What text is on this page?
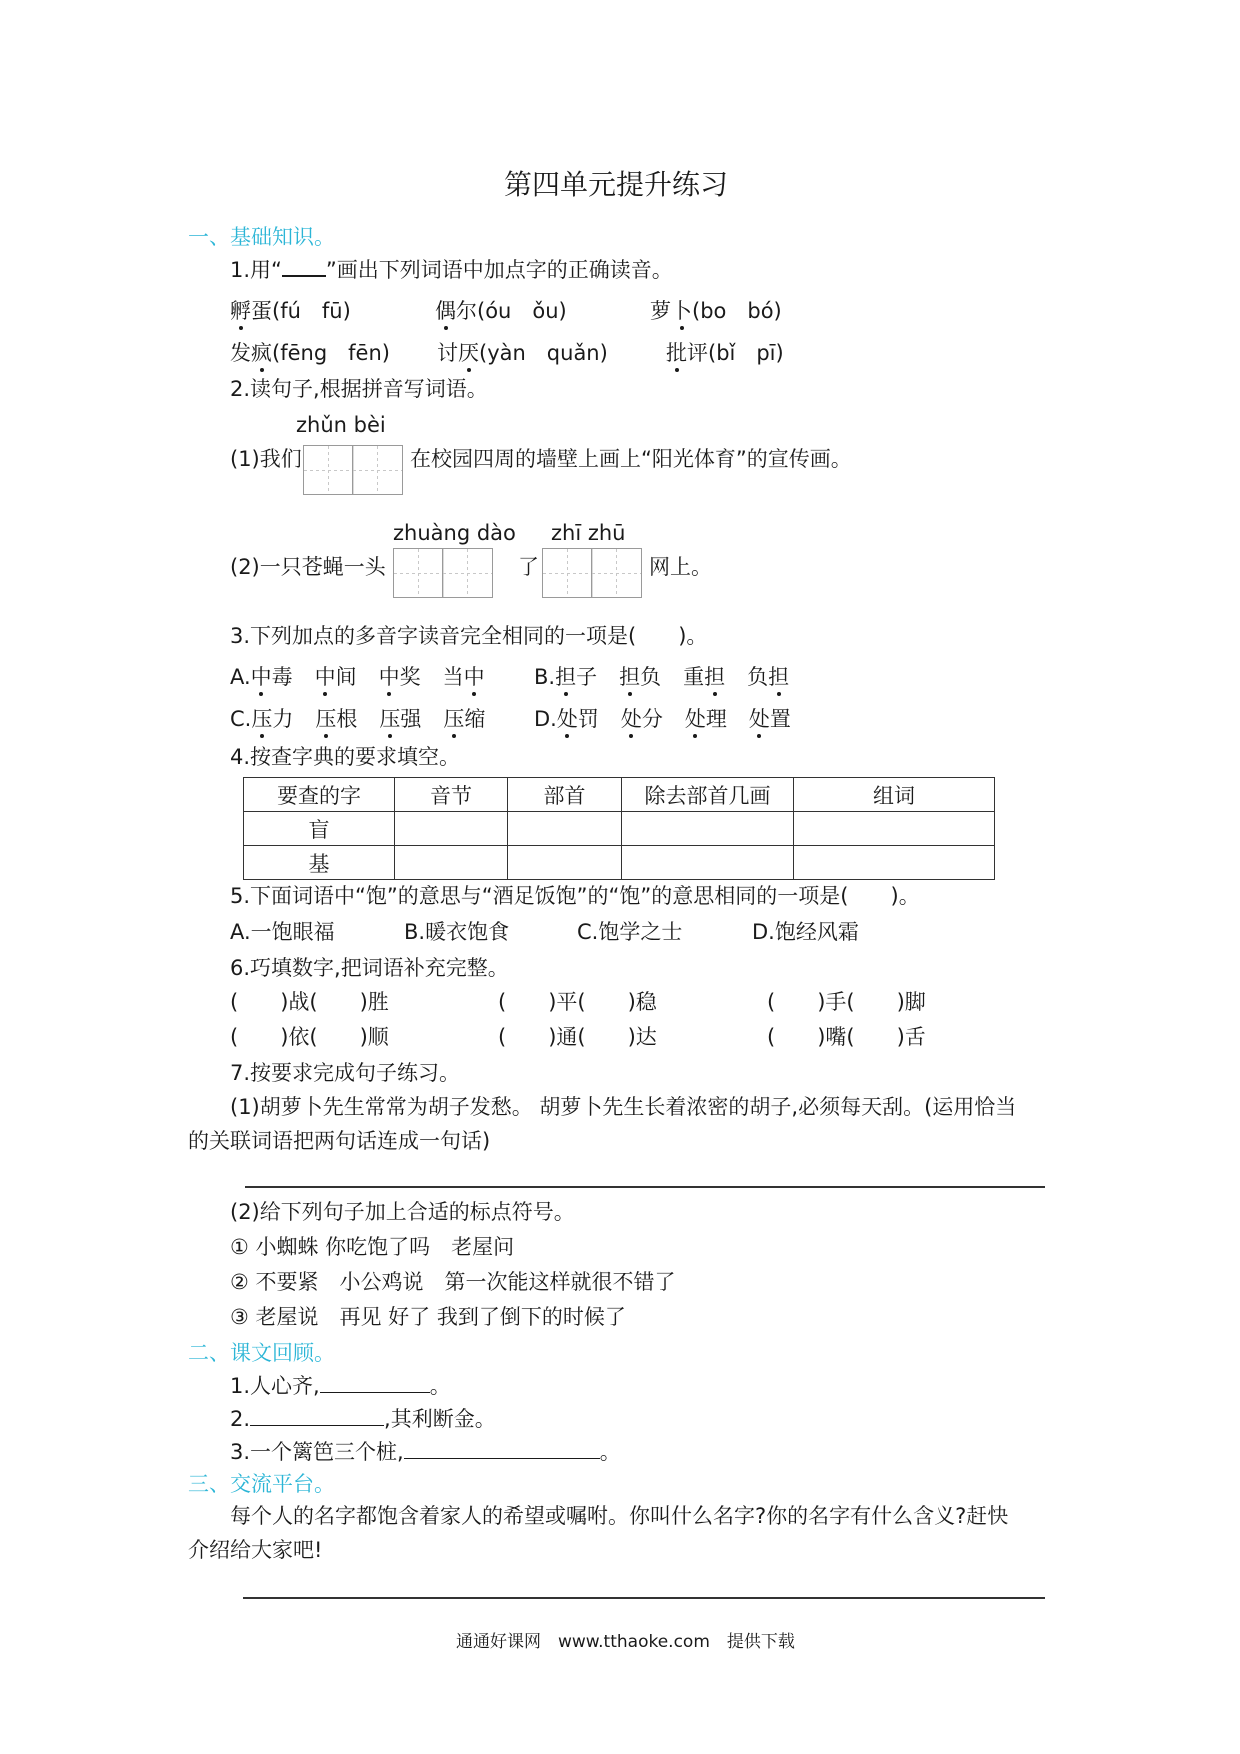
第四单元提升练习
一、基础知识。
1.用“ ”画出下列词语中加点字的正确读音。
孵蛋(fú　fū)	偶尔(óu　ǒu)	萝卜(bo　bó)
发疯(fēng　fēn) 讨厌(yàn　quǎn)	批评(bǐ　pī)
2.读句子,根据拼音写词语。
zhǔn bèi
(1)我们	在校园四周的墙壁上画上“阳光体育”的宣传画。
zhuàng dào zhī zhū
(2)一只苍蝇一头	了	网上。
3.下列加点的多音字读音完全相同的一项是(　　)。
A.中毒 中间 中奖 当中	B.担子 担负 重担 负担
C.压力 压根 压强 压缩	D.处罚 处分 处理 处置
4.按查字典的要求填空。
要查的字	音节	部首	除去部首几画	组词
盲				
基				
5.下面词语中“饱”的意思与“酒足饭饱”的“饱”的意思相同的一项是(　　)。
A.一饱眼福	B.暖衣饱食	C.饱学之士	D.饱经风霜
6.巧填数字,把词语补充完整。
(　　)战(　　)胜	(　　)平(　　)稳	(　　)手(　　)脚
(　　)依(　　)顺	(　　)通(　　)达	(　　)嘴(　　)舌
7.按要求完成句子练习。
(1)胡萝卜先生常常为胡子发愁。 胡萝卜先生长着浓密的胡子,必须每天刮。(运用恰当
的关联词语把两句话连成一句话)
(2)给下列句子加上合适的标点符号。
① 小蜘蛛 你吃饱了吗　老屋问
② 不要紧　小公鸡说　第一次能这样就很不错了
③ 老屋说　再见 好了 我到了倒下的时候了
二、课文回顾。
1.人心齐,	。
2.	,其利断金。
3.一个篱笆三个桩,	。
三、交流平台。
每个人的名字都饱含着家人的希望或嘱咐。你叫什么名字?你的名字有什么含义?赶快
介绍给大家吧!
通通好课网　www.tthaoke.com　提供下载
